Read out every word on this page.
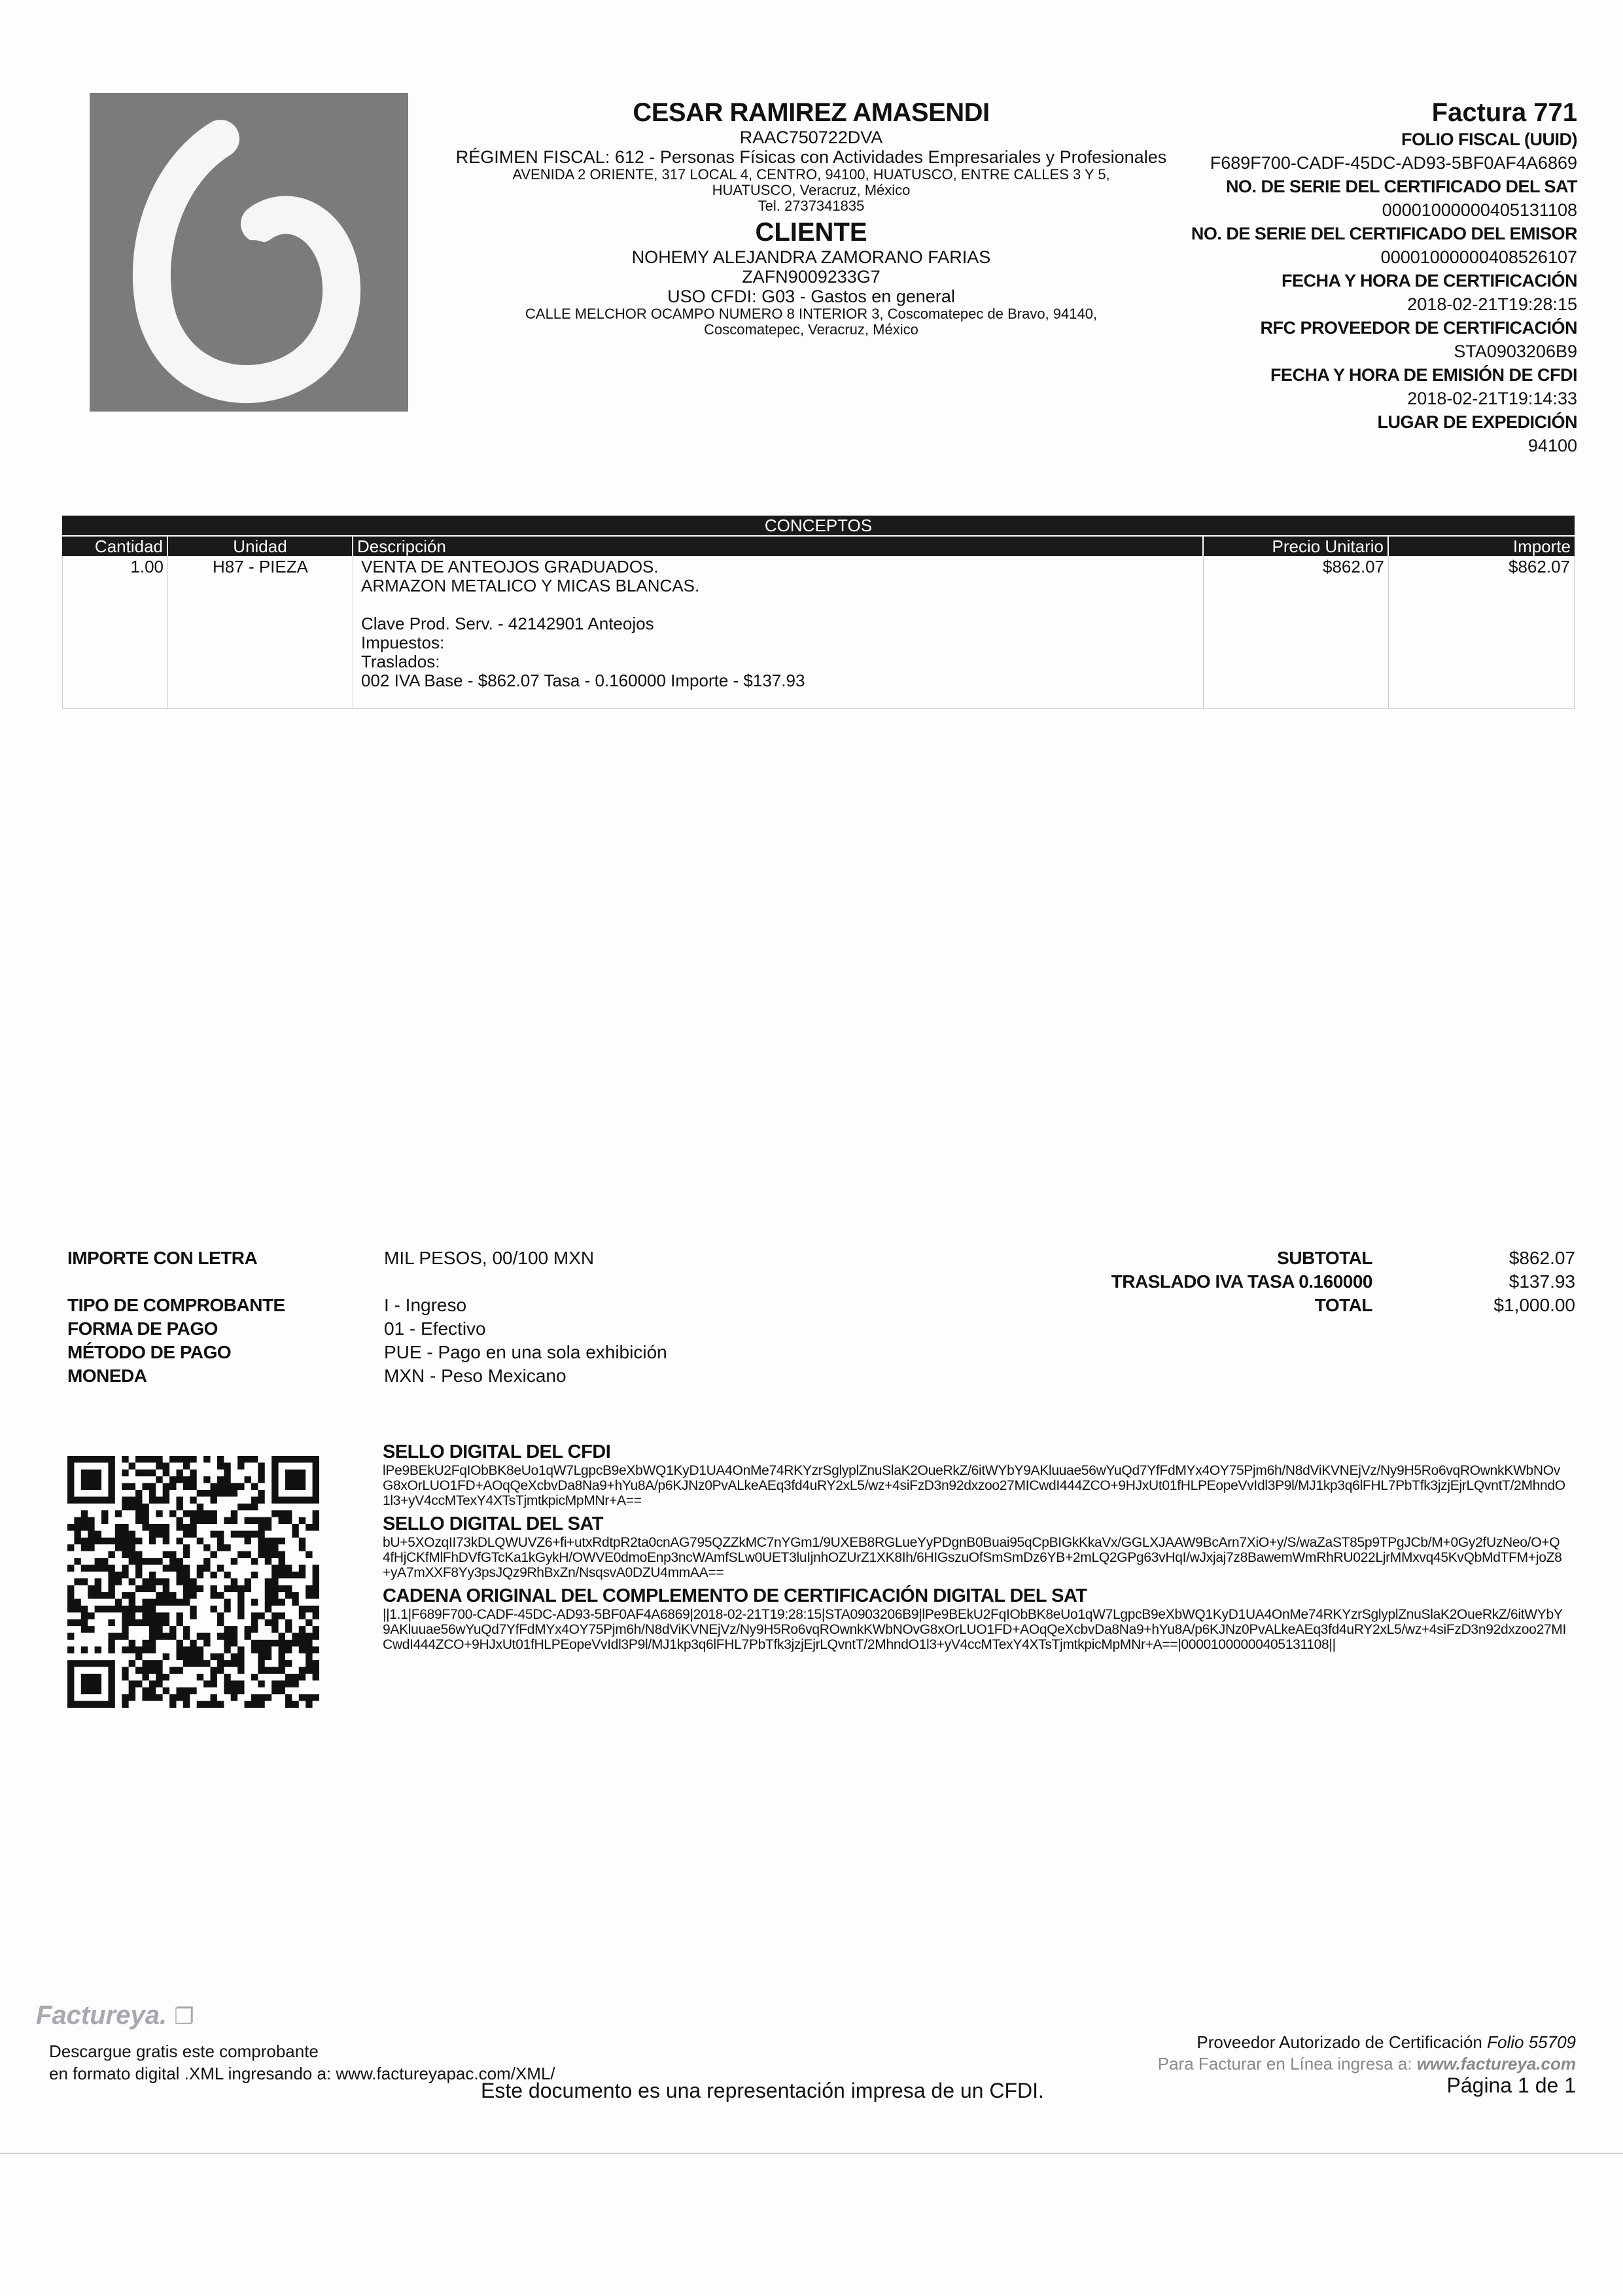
CESAR RAMIREZ AMASENDI
RAAC750722DVA
RÉGIMEN FISCAL: 612 - Personas Físicas con Actividades Empresariales y Profesionales
AVENIDA 2 ORIENTE, 317 LOCAL 4, CENTRO, 94100, HUATUSCO, ENTRE CALLES 3 Y 5, HUATUSCO, Veracruz, México
Tel. 2737341835
CLIENTE
NOHEMY ALEJANDRA ZAMORANO FARIAS
ZAFN9009233G7
USO CFDI: G03 - Gastos en general
CALLE MELCHOR OCAMPO NUMERO 8 INTERIOR 3, Coscomatepec de Bravo, 94140, Coscomatepec, Veracruz, México
Factura 771
FOLIO FISCAL (UUID)
F689F700-CADF-45DC-AD93-5BF0AF4A6869
NO. DE SERIE DEL CERTIFICADO DEL SAT
00001000000405131108
NO. DE SERIE DEL CERTIFICADO DEL EMISOR
00001000000408526107
FECHA Y HORA DE CERTIFICACIÓN
2018-02-21T19:28:15
RFC PROVEEDOR DE CERTIFICACIÓN
STA0903206B9
FECHA Y HORA DE EMISIÓN DE CFDI
2018-02-21T19:14:33
LUGAR DE EXPEDICIÓN
94100
CONCEPTOS
Cantidad	Unidad	Descripción	Precio Unitario	Importe
1.00	H87 - PIEZA	VENTA DE ANTEOJOS GRADUADOS.
ARMAZON METALICO Y MICAS BLANCAS.
Clave Prod. Serv. - 42142901 Anteojos
Impuestos:
Traslados:
002 IVA Base - $862.07 Tasa - 0.160000 Importe - $137.93
$862.07	$862.07
IMPORTE CON LETRA	MIL PESOS, 00/100 MXN
TIPO DE COMPROBANTE	I - Ingreso
FORMA DE PAGO	01 - Efectivo
MÉTODO DE PAGO	PUE - Pago en una sola exhibición
MONEDA	MXN - Peso Mexicano
SUBTOTAL	$862.07
TRASLADO IVA TASA 0.160000	$137.93
TOTAL	$1,000.00
SELLO DIGITAL DEL CFDI
lPe9BEkU2FqIObBK8eUo1qW7LgpcB9eXbWQ1KyD1UA4OnMe74RKYzrSglyplZnuSlaK2OueRkZ/6itWYbY9AKluuae56wYuQd7YfFdMYx4OY75Pjm6h/N8dViKVNEjVz/Ny9H5Ro6vqROwnkKWbNOvG8xOrLUO1FD+AOqQeXcbvDa8Na9+hYu8A/p6KJNz0PvALkeAEq3fd4uRY2xL5/wz+4siFzD3n92dxzoo27MICwdI444ZCO+9HJxUt01fHLPEopeVvIdl3P9l/MJ1kp3q6lFHL7PbTfk3jzjEjrLQvntT/2MhndO1l3+yV4ccMTexY4XTsTjmtkpicMpMNr+A==
SELLO DIGITAL DEL SAT
bU+5XOzqII73kDLQWUVZ6+fi+utxRdtpR2ta0cnAG795QZZkMC7nYGm1/9UXEB8RGLueYyPDgnB0Buai95qCpBIGkKkaVx/GGLXJAAW9BcArn7XiO+y/S/waZaST85p9TPgJCb/M+0Gy2fUzNeo/O+Q4fHjCKfMlFhDVfGTcKa1kGykH/OWVE0dmoEnp3ncWAmfSLw0UET3luIjnhOZUrZ1XK8Ih/6HIGszuOfSmSmDz6YB+2mLQ2GPg63vHqI/wJxjaj7z8BawemWmRhRU022LjrMMxvq45KvQbMdTFM+joZ8+yA7mXXF8Yy3psJQz9RhBxZn/NsqsvA0DZU4mmAA==
CADENA ORIGINAL DEL COMPLEMENTO DE CERTIFICACIÓN DIGITAL DEL SAT
||1.1|F689F700-CADF-45DC-AD93-5BF0AF4A6869|2018-02-21T19:28:15|STA0903206B9|lPe9BEkU2FqIObBK8eUo1qW7LgpcB9eXbWQ1KyD1UA4OnMe74RKYzrSglyplZnuSlaK2OueRkZ/6itWYbY9AKluuae56wYuQd7YfFdMYx4OY75Pjm6h/N8dViKVNEjVz/Ny9H5Ro6vqROwnkKWbNOvG8xOrLUO1FD+AOqQeXcbvDa8Na9+hYu8A/p6KJNz0PvALkeAEq3fd4uRY2xL5/wz+4siFzD3n92dxzoo27MICwdI444ZCO+9HJxUt01fHLPEopeVvIdl3P9l/MJ1kp3q6lFHL7PbTfk3jzjEjrLQvntT/2MhndO1l3+yV4ccMTexY4XTsTjmtkpicMpMNr+A==|00001000000405131108||
Factureya. ❐
Descargue gratis este comprobante
en formato digital .XML ingresando a: www.factureyapac.com/XML/
Este documento es una representación impresa de un CFDI.
Proveedor Autorizado de Certificación Folio 55709
Para Facturar en Línea ingresa a: www.factureya.com
Página 1 de 1
